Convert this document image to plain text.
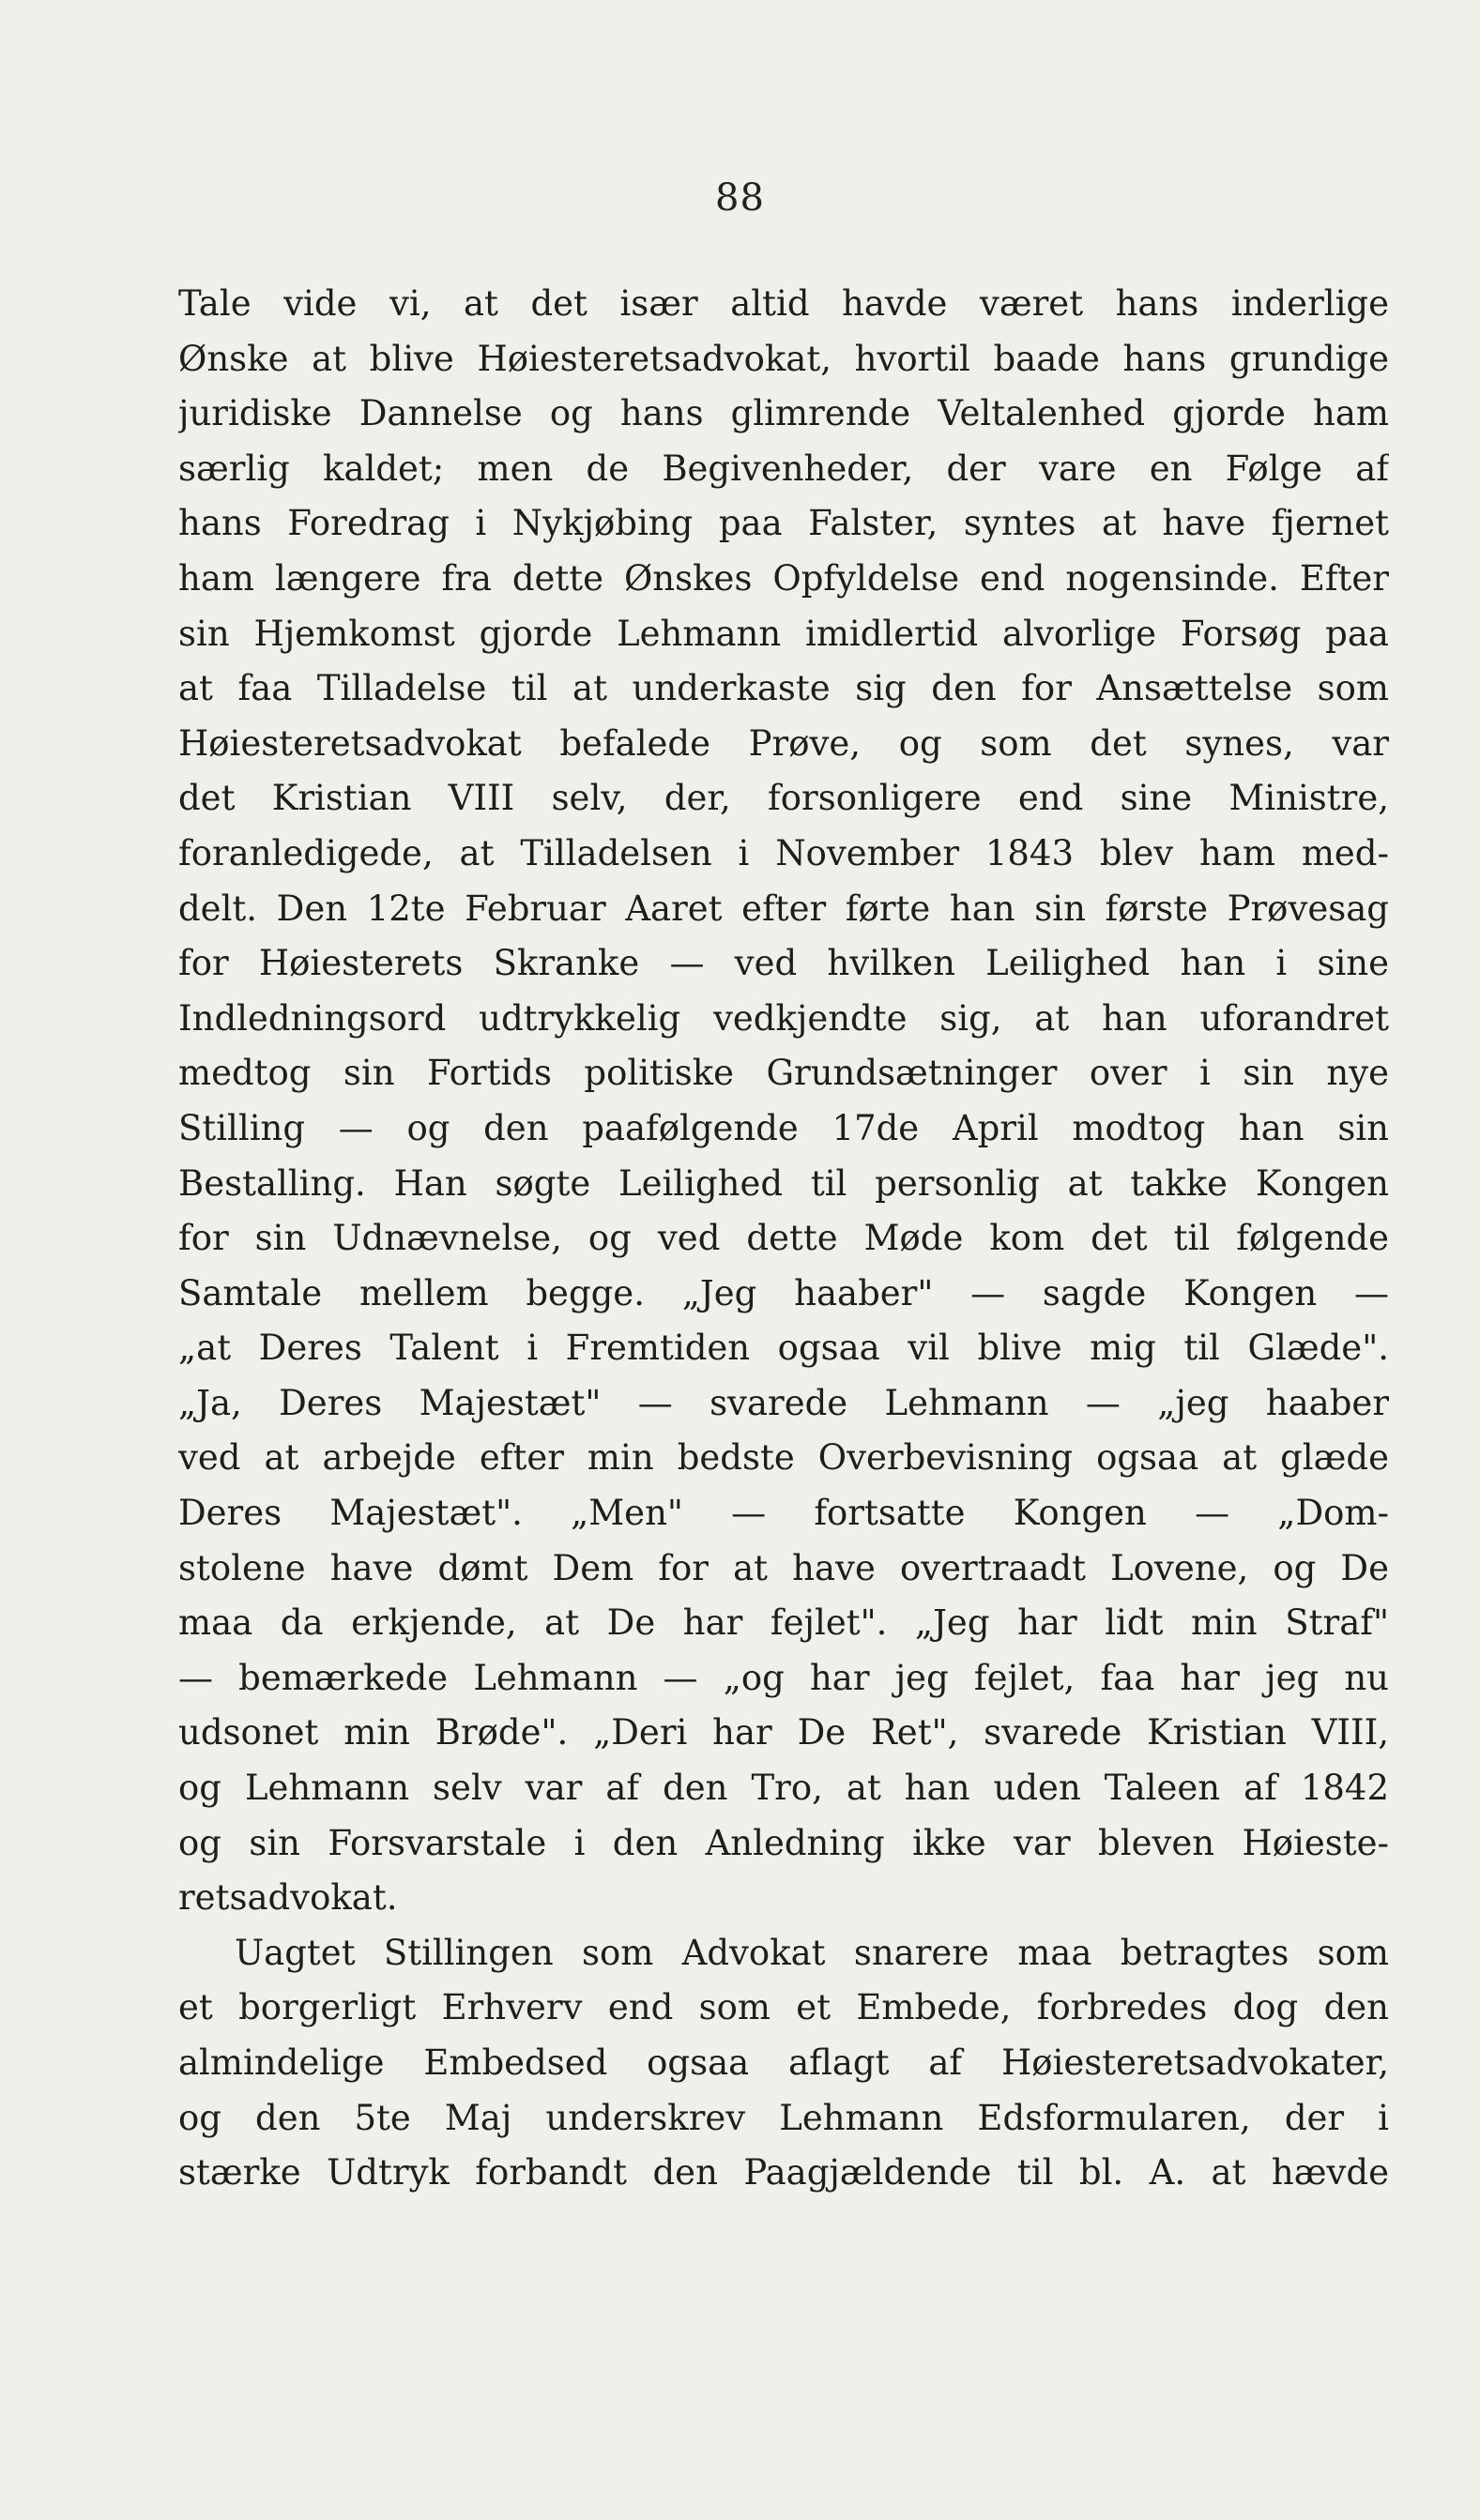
88
Tale vide vi, at det især altid havde været hans inderlige
Ønske at blive Høiesteretsadvokat, hvortil baade hans grundige
juridiske Dannelse og hans glimrende Veltalenhed gjorde ham
særlig kaldet; men de Begivenheder, der vare en Følge af
hans Foredrag i Nykjøbing paa Falster, syntes at have fjernet
ham længere fra dette Ønskes Opfyldelse end nogensinde. Efter
sin Hjemkomst gjorde Lehmann imidlertid alvorlige Forsøg paa
at faa Tilladelse til at underkaste sig den for Ansættelse som
Høiesteretsadvokat befalede Prøve, og som det synes, var
det Kristian VIII selv, der, forsonligere end sine Ministre,
foranledigede, at Tilladelsen i November 1843 blev ham med-
delt. Den 12te Februar Aaret efter førte han sin første Prøvesag
for Høiesterets Skranke — ved hvilken Leilighed han i sine
Indledningsord udtrykkelig vedkjendte sig, at han uforandret
medtog sin Fortids politiske Grundsætninger over i sin nye
Stilling — og den paafølgende 17de April modtog han sin
Bestalling. Han søgte Leilighed til personlig at takke Kongen
for sin Udnævnelse, og ved dette Møde kom det til følgende
Samtale mellem begge. „Jeg haaber" — sagde Kongen —
„at Deres Talent i Fremtiden ogsaa vil blive mig til Glæde".
„Ja, Deres Majestæt" — svarede Lehmann — „jeg haaber
ved at arbejde efter min bedste Overbevisning ogsaa at glæde
Deres Majestæt". „Men" — fortsatte Kongen — „Dom-
stolene have dømt Dem for at have overtraadt Lovene, og De
maa da erkjende, at De har fejlet". „Jeg har lidt min Straf"
— bemærkede Lehmann — „og har jeg fejlet, faa har jeg nu
udsonet min Brøde". „Deri har De Ret", svarede Kristian VIII,
og Lehmann selv var af den Tro, at han uden Taleen af 1842
og sin Forsvarstale i den Anledning ikke var bleven Høiestе-
retsadvokat.
Uagtet Stillingen som Advokat snarere maa betragtes som
et borgerligt Erhverv end som et Embede, forbredes dog den
almindelige Embedsed ogsaa aflagt af Høiesteretsadvokater,
og den 5te Maj underskrev Lehmann Edsformularen, der i
stærke Udtryk forbandt den Paagjældende til bl. A. at hævde
